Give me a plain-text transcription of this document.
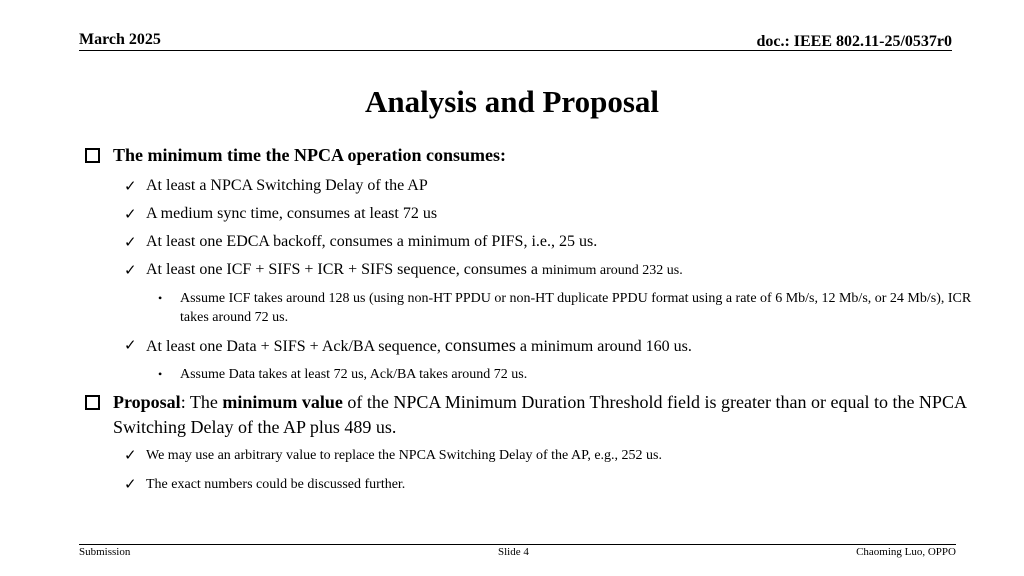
March 2025	doc.: IEEE 802.11-25/0537r0
Analysis and Proposal
The minimum time the NPCA operation consumes:
✓ At least a NPCA Switching Delay of the AP
✓ A medium sync time, consumes at least 72 us
✓ At least one EDCA backoff, consumes a minimum of PIFS, i.e., 25 us.
✓ At least one ICF + SIFS + ICR + SIFS sequence, consumes a minimum around 232 us.
• Assume ICF takes around 128 us (using non-HT PPDU or non-HT duplicate PPDU format using a rate of 6 Mb/s, 12 Mb/s, or 24 Mb/s), ICR takes around 72 us.
✓ At least one Data + SIFS + Ack/BA sequence, consumes a minimum around 160 us.
• Assume Data takes at least 72 us, Ack/BA takes around 72 us.
Proposal: The minimum value of the NPCA Minimum Duration Threshold field is greater than or equal to the NPCA Switching Delay of the AP plus 489 us.
✓ We may use an arbitrary value to replace the NPCA Switching Delay of the AP, e.g., 252 us.
✓ The exact numbers could be discussed further.
Submission	Slide 4	Chaoming Luo, OPPO
